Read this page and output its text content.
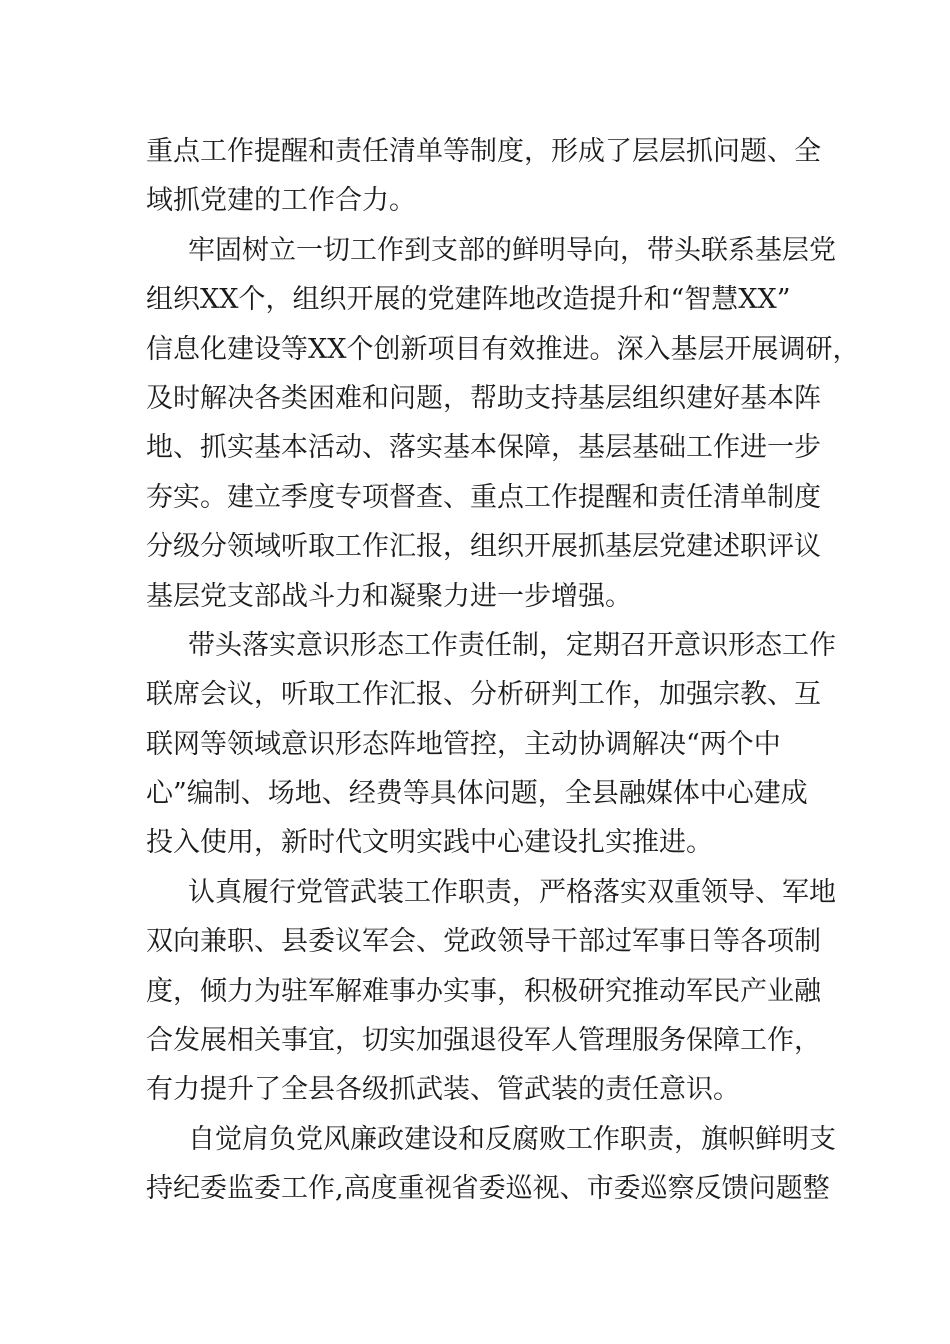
重点工作提醒和责任清单等制度，形成了层层抓问题、全
域抓党建的工作合力。
牢固树立一切工作到支部的鲜明导向，带头联系基层党
组织XX个，组织开展的党建阵地改造提升和“智慧XX”
信息化建设等XX个创新项目有效推进。深入基层开展调研，
及时解决各类困难和问题，帮助支持基层组织建好基本阵
地、抓实基本活动、落实基本保障，基层基础工作进一步
夯实。建立季度专项督查、重点工作提醒和责任清单制度
分级分领域听取工作汇报，组织开展抓基层党建述职评议
基层党支部战斗力和凝聚力进一步增强。
带头落实意识形态工作责任制，定期召开意识形态工作
联席会议，听取工作汇报、分析研判工作，加强宗教、互
联网等领域意识形态阵地管控，主动协调解决“两个中
心”编制、场地、经费等具体问题，全县融媒体中心建成
投入使用，新时代文明实践中心建设扎实推进。
认真履行党管武装工作职责，严格落实双重领导、军地
双向兼职、县委议军会、党政领导干部过军事日等各项制
度，倾力为驻军解难事办实事，积极研究推动军民产业融
合发展相关事宜，切实加强退役军人管理服务保障工作，
有力提升了全县各级抓武装、管武装的责任意识。
自觉肩负党风廉政建设和反腐败工作职责，旗帜鲜明支
持纪委监委工作,高度重视省委巡视、市委巡察反馈问题整
